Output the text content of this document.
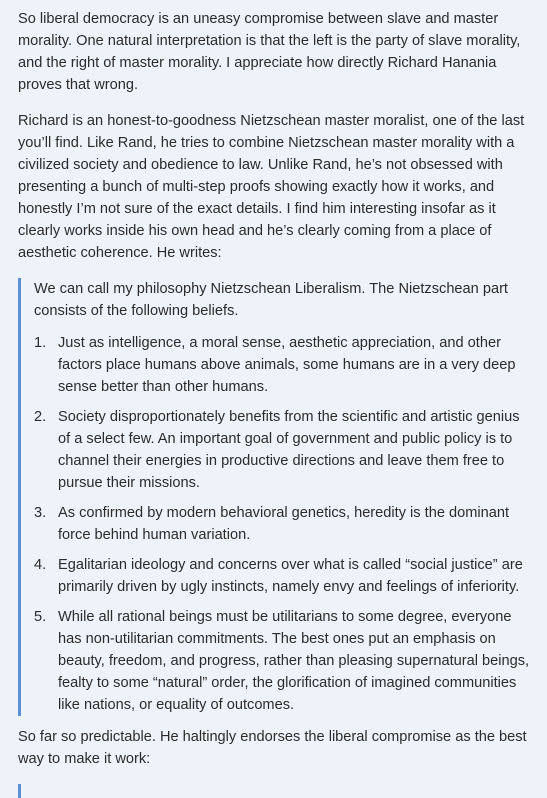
So liberal democracy is an uneasy compromise between slave and master morality. One natural interpretation is that the left is the party of slave morality, and the right of master morality. I appreciate how directly Richard Hanania proves that wrong.

Richard is an honest-to-goodness Nietzschean master moralist, one of the last you’ll find. Like Rand, he tries to combine Nietzschean master morality with a civilized society and obedience to law. Unlike Rand, he’s not obsessed with presenting a bunch of multi-step proofs showing exactly how it works, and honestly I’m not sure of the exact details. I find him interesting insofar as it clearly works inside his own head and he’s clearly coming from a place of aesthetic coherence. He writes:

We can call my philosophy Nietzschean Liberalism. The Nietzschean part consists of the following beliefs.

1. Just as intelligence, a moral sense, aesthetic appreciation, and other factors place humans above animals, some humans are in a very deep sense better than other humans.
2. Society disproportionately benefits from the scientific and artistic genius of a select few. An important goal of government and public policy is to channel their energies in productive directions and leave them free to pursue their missions.
3. As confirmed by modern behavioral genetics, heredity is the dominant force behind human variation.
4. Egalitarian ideology and concerns over what is called “social justice” are primarily driven by ugly instincts, namely envy and feelings of inferiority.
5. While all rational beings must be utilitarians to some degree, everyone has non-utilitarian commitments. The best ones put an emphasis on beauty, freedom, and progress, rather than pleasing supernatural beings, fealty to some “natural” order, the glorification of imagined communities like nations, or equality of outcomes.

So far so predictable. He haltingly endorses the liberal compromise as the best way to make it work:
